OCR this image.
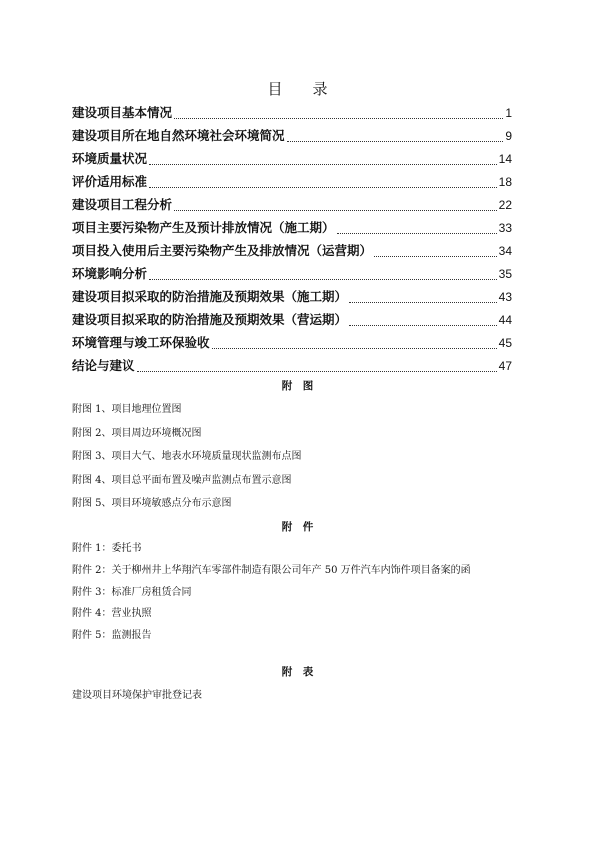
目　　录
建设项目基本情况	1
建设项目所在地自然环境社会环境简况	9
环境质量状况	14
评价适用标准	18
建设项目工程分析	22
项目主要污染物产生及预计排放情况（施工期）	33
项目投入使用后主要污染物产生及排放情况（运营期）	34
环境影响分析	35
建设项目拟采取的防治措施及预期效果（施工期）	43
建设项目拟采取的防治措施及预期效果（营运期）	44
环境管理与竣工环保验收	45
结论与建议	47
附　图
附图 1、项目地理位置图
附图 2、项目周边环境概况图
附图 3、项目大气、地表水环境质量现状监测布点图
附图 4、项目总平面布置及噪声监测点布置示意图
附图 5、项目环境敏感点分布示意图
附　件
附件 1：委托书
附件 2： 关于柳州井上华翔汽车零部件制造有限公司年产 50 万件汽车内饰件项目备案的函
附件 3：标准厂房租赁合同
附件 4：营业执照
附件 5：监测报告
附　表
建设项目环境保护审批登记表
